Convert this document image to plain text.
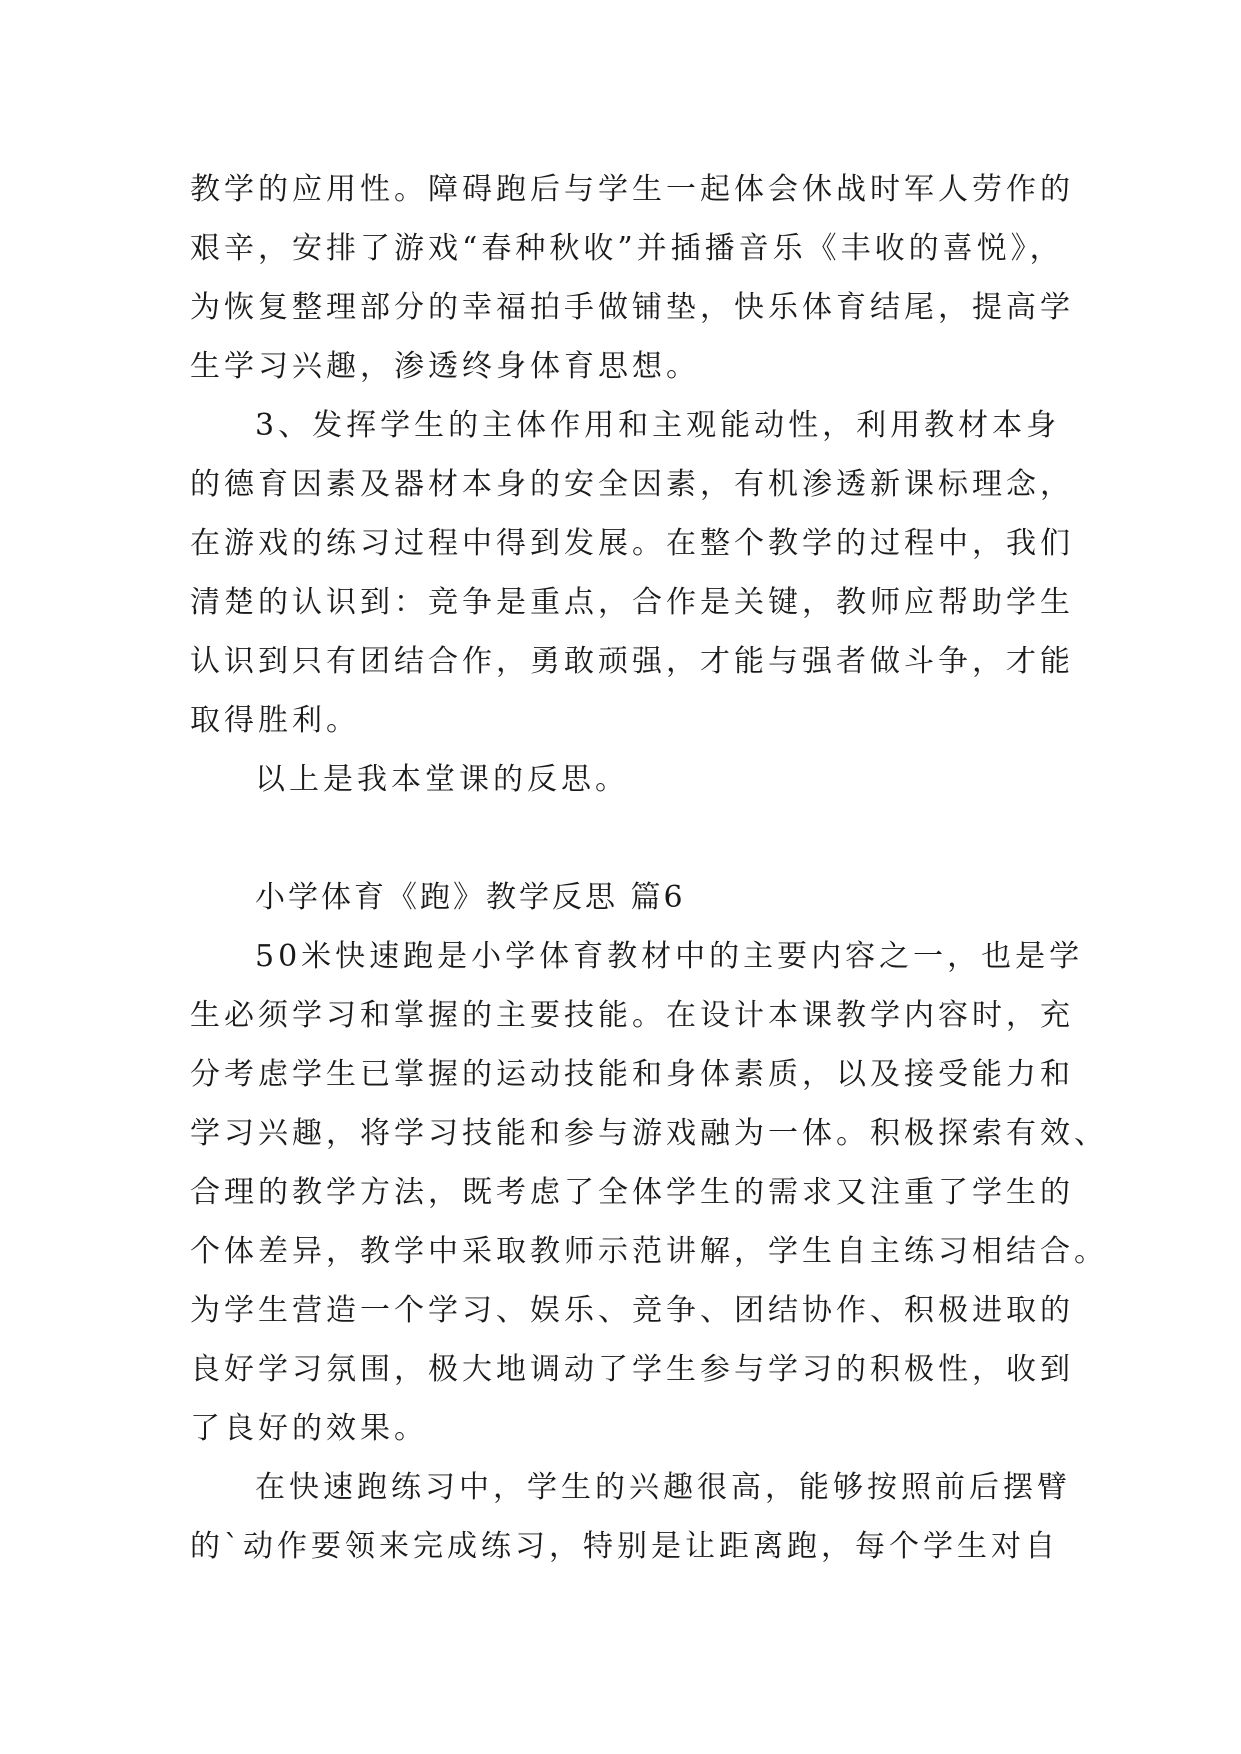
教学的应用性。障碍跑后与学生一起体会休战时军人劳作的
艰辛，安排了游戏“春种秋收”并插播音乐《丰收的喜悦》，
为恢复整理部分的幸福拍手做铺垫，快乐体育结尾，提高学
生学习兴趣，渗透终身体育思想。
3、发挥学生的主体作用和主观能动性，利用教材本身
的德育因素及器材本身的安全因素，有机渗透新课标理念，
在游戏的练习过程中得到发展。在整个教学的过程中，我们
清楚的认识到：竞争是重点，合作是关键，教师应帮助学生
认识到只有团结合作，勇敢顽强，才能与强者做斗争，才能
取得胜利。
以上是我本堂课的反思。
小学体育《跑》教学反思 篇6
50米快速跑是小学体育教材中的主要内容之一，也是学
生必须学习和掌握的主要技能。在设计本课教学内容时，充
分考虑学生已掌握的运动技能和身体素质，以及接受能力和
学习兴趣，将学习技能和参与游戏融为一体。积极探索有效、
合理的教学方法，既考虑了全体学生的需求又注重了学生的
个体差异，教学中采取教师示范讲解，学生自主练习相结合。
为学生营造一个学习、娱乐、竞争、团结协作、积极进取的
良好学习氛围，极大地调动了学生参与学习的积极性，收到
了良好的效果。
在快速跑练习中，学生的兴趣很高，能够按照前后摆臂
的`动作要领来完成练习，特别是让距离跑，每个学生对自
